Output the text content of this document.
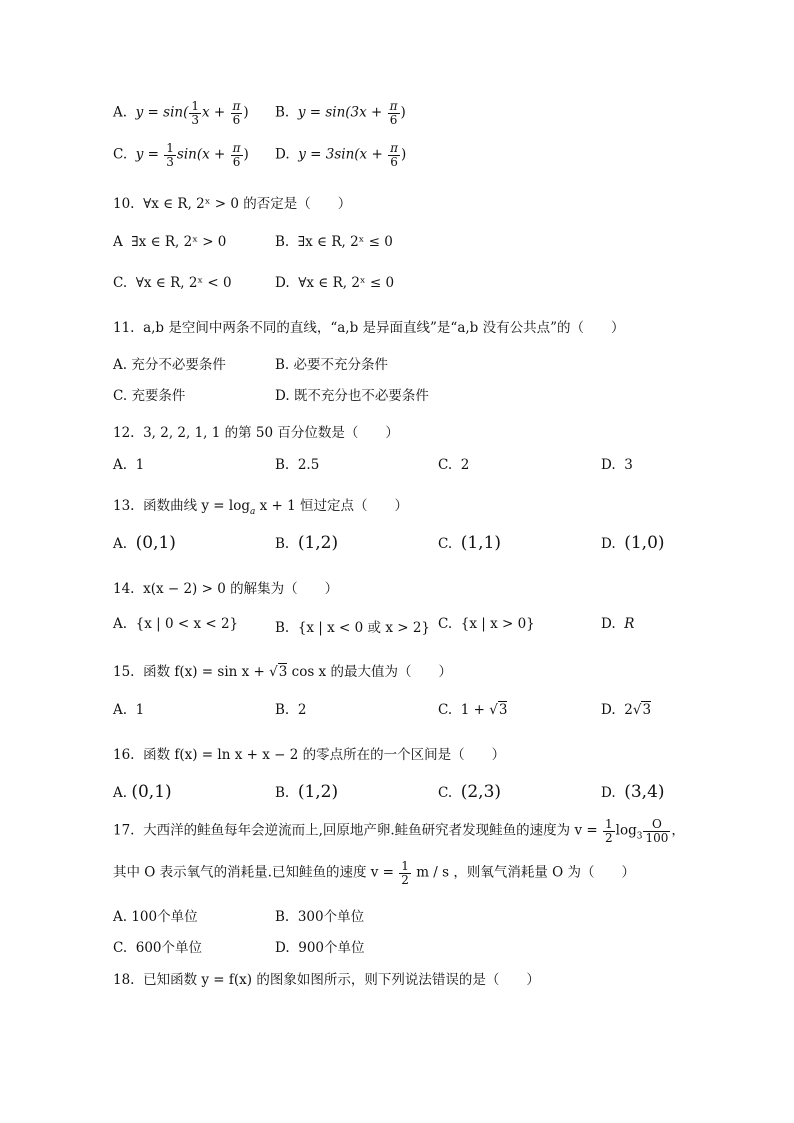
A. $y = \sin( \frac{1}{3}$ $x + \frac{\pi}{6}$ ) B. $y = \sin(3x + \frac{\pi}{6}$ )
C. $y = \frac{1}{3} \sin(x + \frac{\pi}{6}$ ) D. $y = 3\sin(x + \frac{\pi}{6}$ )
10. ∀x ∈ R, 2ˣ > 0 的否定是（　　）
A ∃x ∈ R, 2ˣ > 0	B. ∃x ∈ R, 2ˣ ≤ 0
C. ∀x ∈ R, 2ˣ < 0	D. ∀x ∈ R, 2ˣ ≤ 0
11. a,b 是空间中两条不同的直线，“a,b 是异面直线”是“a,b 没有公共点”的（　　）
A. 充分不必要条件	B. 必要不充分条件
C. 充要条件	D. 既不充分也不必要条件
12. 3, 2, 2, 1, 1 的第 50 百分位数是（　　）
A. 1	B. 2.5	C. 2	D. 3
13. 函数曲线 $y = \log_a x + 1$ 恒过定点（　　）
A. (0,1)	B. (1,2)	C. (1,1)	D. (1,0)
14. x(x − 2) > 0 的解集为（　　）
A. {x | 0 < x < 2}	B. {x | x < 0 或 x > 2} C. {x | x > 0}	D. R
15. 函数 f(x) = sin x + √3 cos x 的最大值为（　　）
A. 1	B. 2	C. 1 + √3	D. 2√3
16. 函数 f(x) = ln x + x − 2 的零点所在的一个区间是（　　）
A. (0,1)	B. (1,2)	C. (2,3)	D. (3,4)
17. 大西洋的鲑鱼每年会逆流而上,回原地产卵.鲑鱼研究者发现鲑鱼的速度为 $v = \frac{1}{2} \log_3 \frac{O}{100}$ ，
其中 O 表示氧气的消耗量.已知鲑鱼的速度 $v = \frac{1}{2}$ m / s ，则氧气消耗量 O 为（　　）
A. 100个单位	B. 300个单位
C. 600个单位	D. 900个单位
18. 已知函数 y = f(x) 的图象如图所示，则下列说法错误的是（　　）
